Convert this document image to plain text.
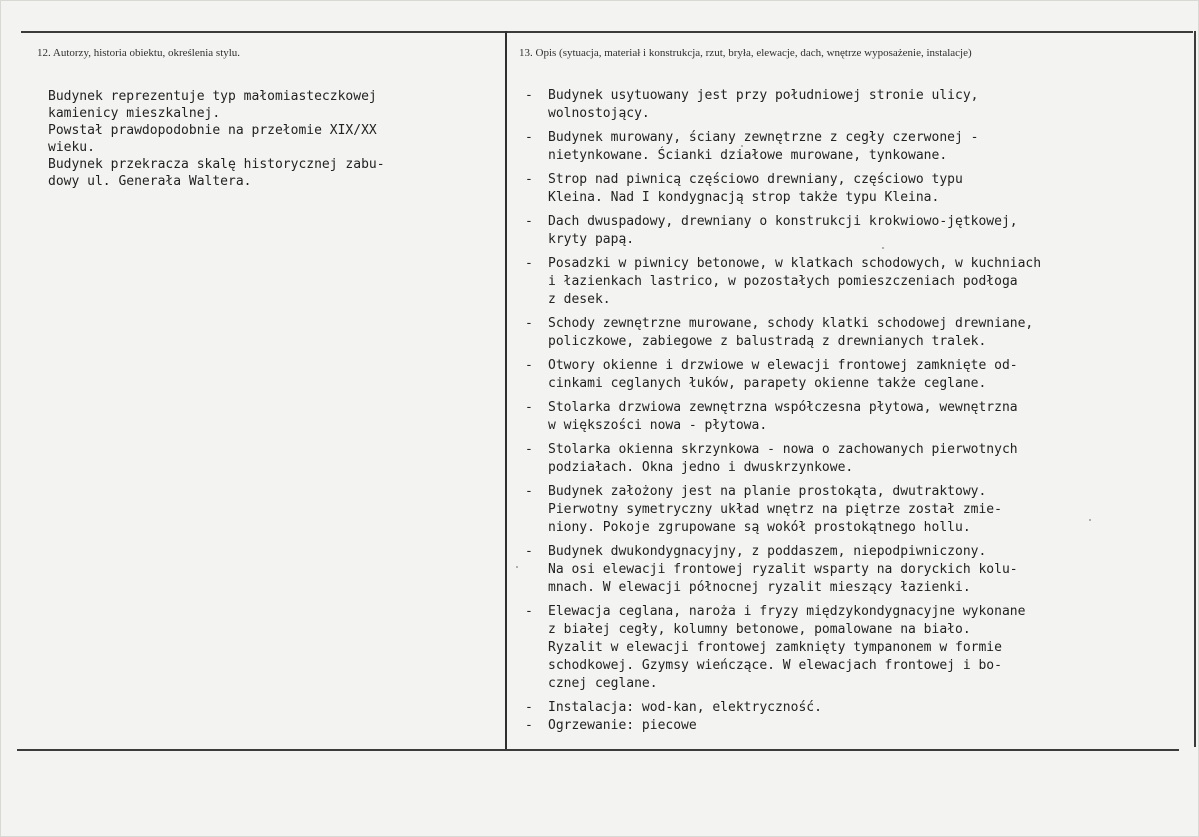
12. Autorzy, historia obiektu, określenia stylu.	13. Opis (sytuacja, materiał i konstrukcja, rzut, bryła, elewacje, dach, wnętrze wyposażenie, instalacje)
Budynek reprezentuje typ małomiasteczkowej
kamienicy mieszkalnej.
Powstał prawdopodobnie na przełomie XIX/XX
wieku.
Budynek przekracza skalę historycznej zabu-
dowy ul. Generała Waltera.
- Budynek usytuowany jest przy południowej stronie ulicy,
wolnostojący.
- Budynek murowany, ściany zewnętrzne z cegły czerwonej -
nietynkowane. Ścianki działowe murowane, tynkowane.
- Strop nad piwnicą częściowo drewniany, częściowo typu
Kleina. Nad I kondygnacją strop także typu Kleina.
- Dach dwuspadowy, drewniany o konstrukcji krokwiowo-jętkowej,
kryty papą.
- Posadzki w piwnicy betonowe, w klatkach schodowych, w kuchniach
i łazienkach lastrico, w pozostałych pomieszczeniach podłoga
z desek.
- Schody zewnętrzne murowane, schody klatki schodowej drewniane,
policzkowe, zabiegowe z balustradą z drewnianych tralek.
- Otwory okienne i drzwiowe w elewacji frontowej zamknięte od-
cinkami ceglanych łuków, parapety okienne także ceglane.
- Stolarka drzwiowa zewnętrzna współczesna płytowa, wewnętrzna
w większości nowa - płytowa.
- Stolarka okienna skrzynkowa - nowa o zachowanych pierwotnych
podziałach. Okna jedno i dwuskrzynkowe.
- Budynek założony jest na planie prostokąta, dwutraktowy.
Pierwotny symetryczny układ wnętrz na piętrze został zmie-
niony. Pokoje zgrupowane są wokół prostokątnego hollu.
- Budynek dwukondygnacyjny, z poddaszem, niepodpiwniczony.
Na osi elewacji frontowej ryzalit wsparty na doryckich kolu-
mnach. W elewacji północnej ryzalit mieszący łazienki.
- Elewacja ceglana, naroża i fryzy międzykondygnacyjne wykonane
z białej cegły, kolumny betonowe, pomalowane na biało.
Ryzalit w elewacji frontowej zamknięty tympanonem w formie
schodkowej. Gzymsy wieńczące. W elewacjach frontowej i bo-
cznej ceglane.
- Instalacja: wod-kan, elektryczność.
- Ogrzewanie: piecowe
